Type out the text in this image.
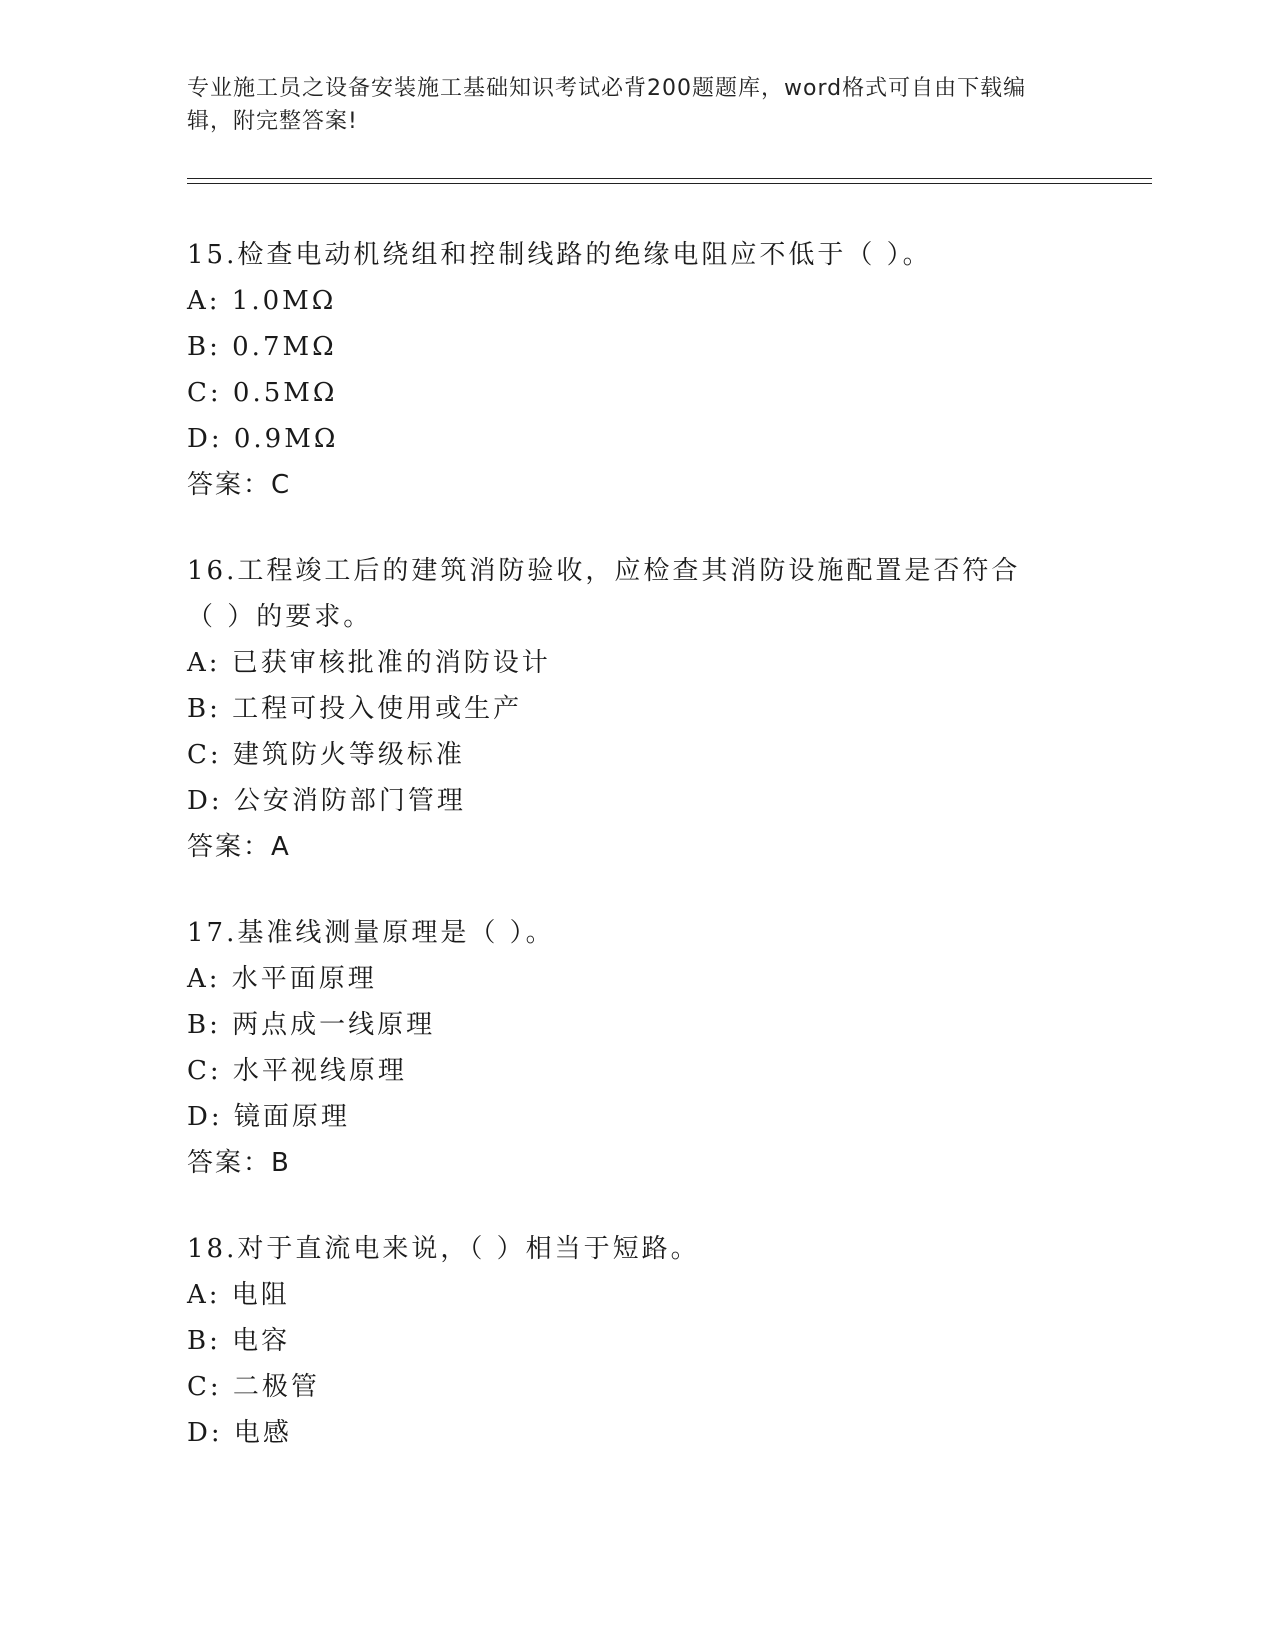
专业施工员之设备安装施工基础知识考试必背200题题库，word格式可自由下载编辑，附完整答案!
15.检查电动机绕组和控制线路的绝缘电阻应不低于（ ）。
A: 1.0MΩ
B: 0.7MΩ
C: 0.5MΩ
D: 0.9MΩ
答案：C
16.工程竣工后的建筑消防验收，应检查其消防设施配置是否符合（ ）的要求。
A: 已获审核批准的消防设计
B: 工程可投入使用或生产
C: 建筑防火等级标准
D: 公安消防部门管理
答案：A
17.基准线测量原理是（ ）。
A: 水平面原理
B: 两点成一线原理
C: 水平视线原理
D: 镜面原理
答案：B
18.对于直流电来说，（ ）相当于短路。
A: 电阻
B: 电容
C: 二极管
D: 电感
